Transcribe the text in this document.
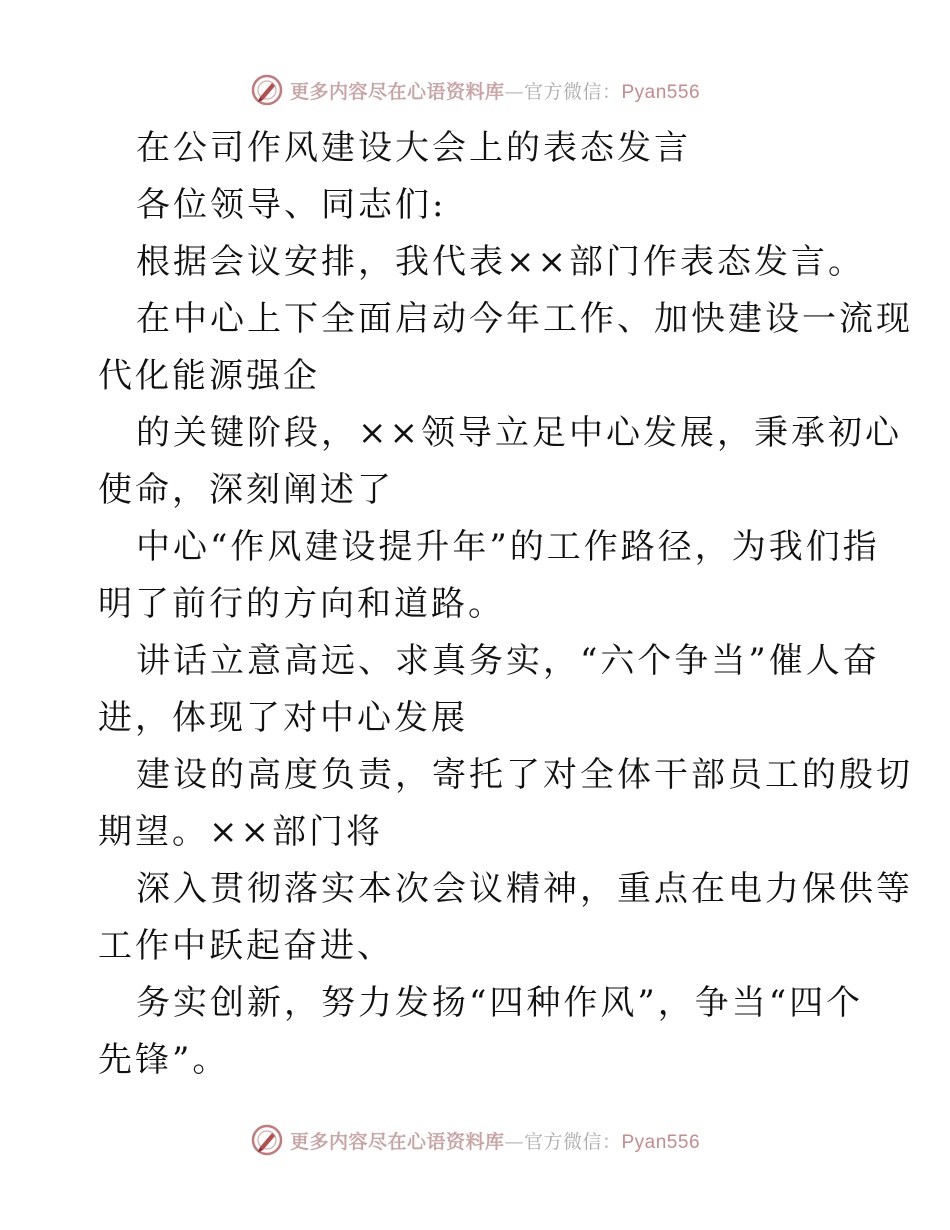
更多内容尽在心语资料库—官方微信：Pyan556
在公司作风建设大会上的表态发言
各位领导、同志们:
根据会议安排，我代表××部门作表态发言。
在中心上下全面启动今年工作、加快建设一流现
代化能源强企
的关键阶段，××领导立足中心发展，秉承初心
使命，深刻阐述了
中心“作风建设提升年”的工作路径，为我们指
明了前行的方向和道路。
讲话立意高远、求真务实，“六个争当”催人奋
进，体现了对中心发展
建设的高度负责，寄托了对全体干部员工的殷切
期望。××部门将
深入贯彻落实本次会议精神，重点在电力保供等
工作中跃起奋进、
务实创新，努力发扬“四种作风”，争当“四个
先锋”。
更多内容尽在心语资料库—官方微信：Pyan556
